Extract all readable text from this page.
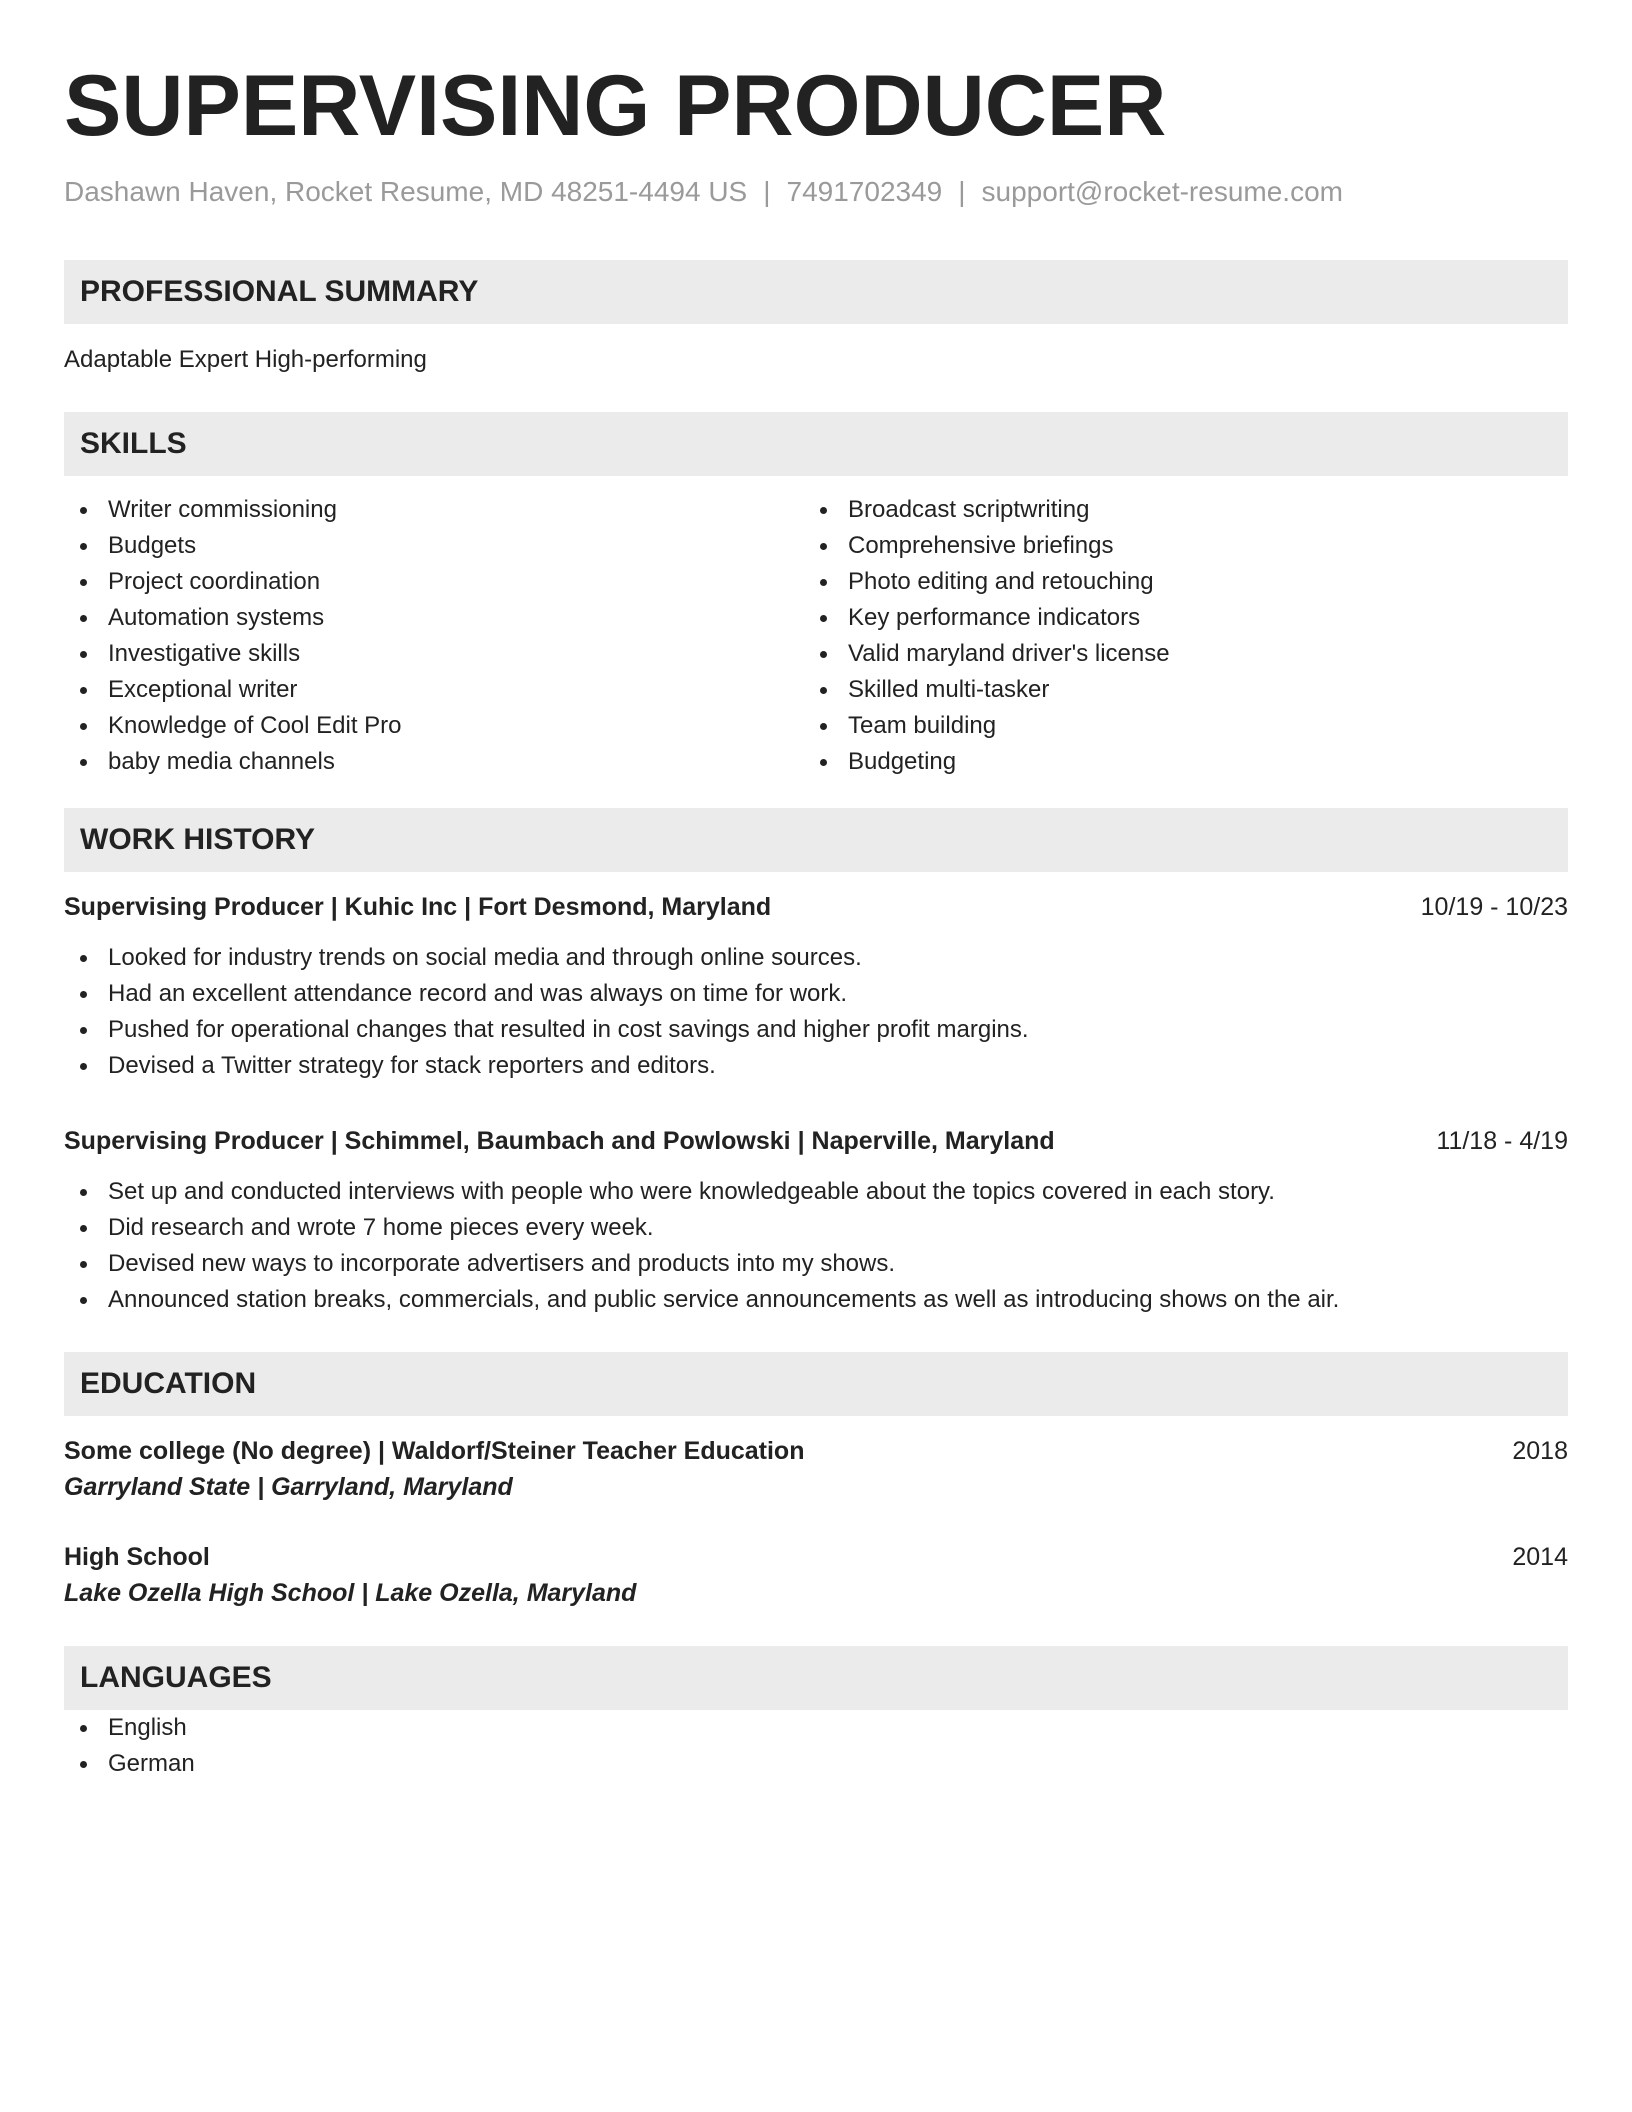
SUPERVISING PRODUCER
Dashawn Haven, Rocket Resume, MD 48251-4494 US | 7491702349 | support@rocket-resume.com
PROFESSIONAL SUMMARY
Adaptable Expert High-performing
SKILLS
Writer commissioning
Budgets
Project coordination
Automation systems
Investigative skills
Exceptional writer
Knowledge of Cool Edit Pro
baby media channels
Broadcast scriptwriting
Comprehensive briefings
Photo editing and retouching
Key performance indicators
Valid maryland driver's license
Skilled multi-tasker
Team building
Budgeting
WORK HISTORY
Supervising Producer | Kuhic Inc | Fort Desmond, Maryland	10/19 - 10/23
Looked for industry trends on social media and through online sources.
Had an excellent attendance record and was always on time for work.
Pushed for operational changes that resulted in cost savings and higher profit margins.
Devised a Twitter strategy for stack reporters and editors.
Supervising Producer | Schimmel, Baumbach and Powlowski | Naperville, Maryland	11/18 - 4/19
Set up and conducted interviews with people who were knowledgeable about the topics covered in each story.
Did research and wrote 7 home pieces every week.
Devised new ways to incorporate advertisers and products into my shows.
Announced station breaks, commercials, and public service announcements as well as introducing shows on the air.
EDUCATION
Some college (No degree) | Waldorf/Steiner Teacher Education	2018
Garryland State | Garryland, Maryland
High School	2014
Lake Ozella High School | Lake Ozella, Maryland
LANGUAGES
English
German
